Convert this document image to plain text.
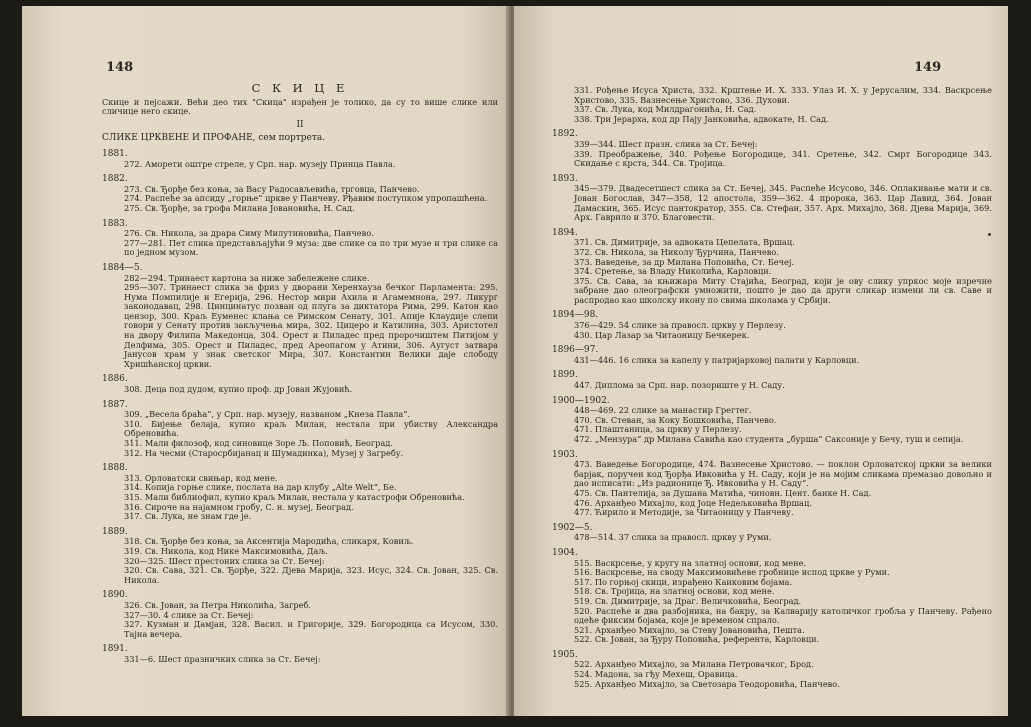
148
С К И Ц Е
Скице и пејсажи. Већи део тих "Скица" израђен је толико, да су то више слике или сличице него скице.
II
СЛИКЕ ЦРКВЕНЕ И ПРОФАНЕ, сем портрета.
1881.
272. Аморети оштре стреле, у Срп. нар. музеју Принца Павла.
1882.
273. Св. Ђорђе без коња, за Васу Радосављевића, трговца, Панчево.
274. Распеће за апсиду „горње“ цркве у Панчеву. Рђавим поступком упропашћена.
275. Св. Ђорђе, за грофа Милана Јовановића, Н. Сад.
1883.
276. Св. Никола, за драра Симу Милутиновића, Панчево.
277—281. Пет слика представљајући 9 муза: две слике са по три музе и три слике са по једном музом.
1884—5.
282—294. Тринаест картона за ниже забележене слике.
295—307. Тринаест слика за фриз у дворани Херенхауза бечког Парламента: 295. Нума Помпилије и Егерија, 296. Нестор мири Ахила и Агамемнона, 297. Ликург законодавац, 298. Цинцинатус позван од плуга за диктатора Рима, 299. Катон као цензор, 300. Краљ Еуменес клања се Римском Сенату, 301. Апије Клаудије слепи говори у Сенату против закључења мира, 302. Цицеро и Катилина, 303. Аристотел на двору Филипа Македонца, 304. Орест и Пиладес пред пророчиштем Питијом у Делфима, 305. Орест и Пиладес, пред Ареопагом у Атини, 306. Аугуст затвара Јанусов храм у знак светског Мира, 307. Константин Велики даје слободу Хришћанској цркви.
1886.
308. Деца под дудом, купио проф. др Јован Жујовић.
1887.
309. „Весела браћа“, у Срп. нар. музеју, названом „Кнеза Павла“.
310. Бијење белаја, купио краљ Милан, нестала при убиству Александра Обреновића.
311. Мали филозоф, код синовице Зоре Љ. Поповић, Београд.
312. На чесми (Старосрбијанац и Шумадинка), Музеј у Загребу.
1888.
313. Орловатски свињар, код мене.
314. Копија горње слике, послата на дар клубу „Alte Welt“, Бе.
315. Мали библиофил, купио краљ Милан, нестала у катастрофи Обреновића.
316. Сироче на најамном гробу, С. н. музеј, Београд.
317. Св. Лука, не знам где је.
1889.
318. Св. Ђорђе без коња, за Аксентија Мародића, сликаря, Ковиљ.
319. Св. Никола, код Нике Максимовића, Даљ.
320—325. Шест престоних слика за Ст. Бечеј:
320. Св. Сава, 321. Св. Ђорђе, 322. Дјева Марија, 323. Исус, 324. Св. Јован, 325. Св. Никола.
1890.
326. Св. Јован, за Петра Николића, Загреб.
327—30. 4 слике за Ст. Бечеј:
327. Кузман и Дамјан, 328. Васил. и Григорије, 329. Богородица са Исусом, 330. Тајна вечера.
1891.
331—6. Шест празничких слика за Ст. Бечеј:
149
331. Рођење Исуса Христа, 332. Крштење И. Х. 333. Улаз И. Х. у Јерусалим, 334. Васкрсење Христово, 335. Вазнесење Христово, 336. Духови.
337. Св. Лука, код Милдрагонића, Н. Сад.
338. Три Јерарха, код др Пају Јанковића, адвокате, Н. Сад.
1892.
339—344. Шест празн. слика за Ст. Бечеј:
339. Преображење, 340. Рођење Богородице, 341. Сретење, 342. Смрт Богородице 343. Скидање с крста, 344. Св. Тројица.
1893.
345—379. Двадесетшест слика за Ст. Бечеј, 345. Распеће Исусово, 346. Оплакивање мати и св. Јован Богослав, 347—358, 12 апостола, 359—362. 4 пророка, 363. Цар Давид, 364. Јован Дамаскин, 365. Исус пантократор, 355. Св. Стефан, 357. Арх. Михајло, 368. Дјева Марија, 369. Арх. Гаврило и 370. Благовести.
1894.
371. Св. Димитрије, за адвоката Цепелата, Вршац.
372. Св. Никола, за Николу Ђурчина, Панчево.
373. Ваведење, за др Милана Поповића, Ст. Бечеј.
374. Сретење, за Владу Николића, Карловци.
375. Св. Сава, за књижара Миту Стајића, Београд, који је ову слику упркос моје изречне забране дао олеографски умножити, пошто је дао да други сликар измени ли св. Саве и распродао као школску икону по свима школама у Србији.
1894—98.
376—429. 54 слике за правосл. цркву у Перлезу.
430. Цар Лазар за Читаоницу Бечкерек.
1896—97.
431—446. 16 слика за капелу у патријарховој палати у Карловци.
1899.
447. Диплома за Срп. нар. позориште у Н. Саду.
1900—1902.
448—469. 22 слике за манастир Грегтег.
470. Св. Стеван, за Коку Бошковића, Панчево.
471. Плаштаница, за цркву у Перлезу.
472. „Мензура“ др Милана Савића као студента „бурша“ Саксоније у Бечу, туш и сепија.
1903.
473. Ваведење Богородице, 474. Вазнесење Христово. — поклон Орловатској цркви за велики барјак, поручен код Ђорђа Ивковића у Н. Саду, који је на мојим сликама премазао довољно и дао исписати: „Из радионице Ђ. Ивковића у Н. Саду“.
475. Св. Пантелија, за Душана Матића, чиновн. Цент. банке Н. Сад.
476. Арханђео Михајло, код Јоце Недељковића Вршац.
477. Ћирило и Методије, за Читаоницу у Панчеву.
1902—5.
478—514. 37 слика за правосл. цркву у Руми.
1904.
515. Васкрсење, у кругу на златној основи, код мене.
516. Васкрсење, на своду Максимовићеве гробнице испод цркве у Руми.
517. По горњој скици, израђено Каиковим бојама.
518. Св. Тројица, на златној основи, код мене.
519. Св. Димитрије, за Драг. Величковића, Београд.
520. Распеће и два разбојника, на бакру, за Калварију католичког гробља у Панчеву. Рађено одеће фиксим бојама, које је временом спрало.
521. Арханђео Михајло, за Стеву Јовановића, Пешта.
522. Св. Јован, за Ђуру Поповића, референта, Карловци.
1905.
522. Арханђео Михајло, за Милана Петровачког, Брод.
524. Мадона, за гђу Мехеш, Оравица.
525. Арханђео Михајло, за Светозара Теодоровића, Панчево.
